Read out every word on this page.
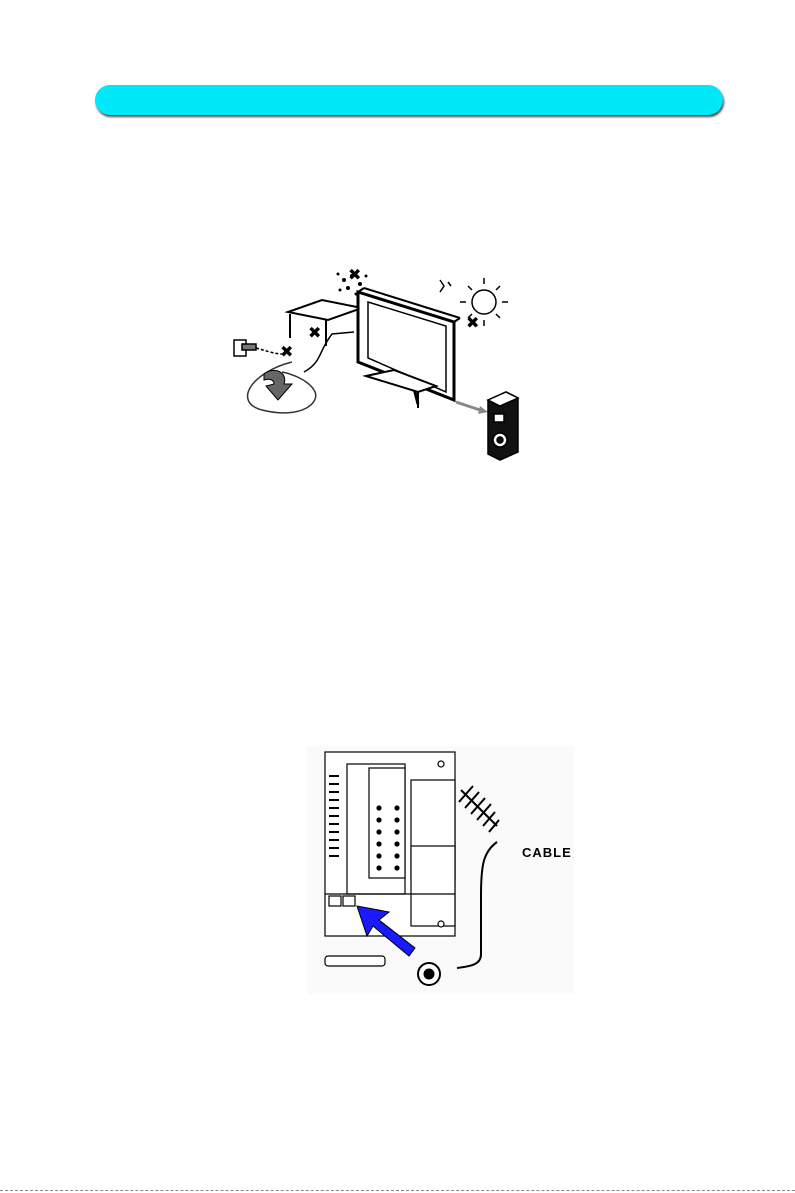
✖
✖
✖
✖
CABLE
